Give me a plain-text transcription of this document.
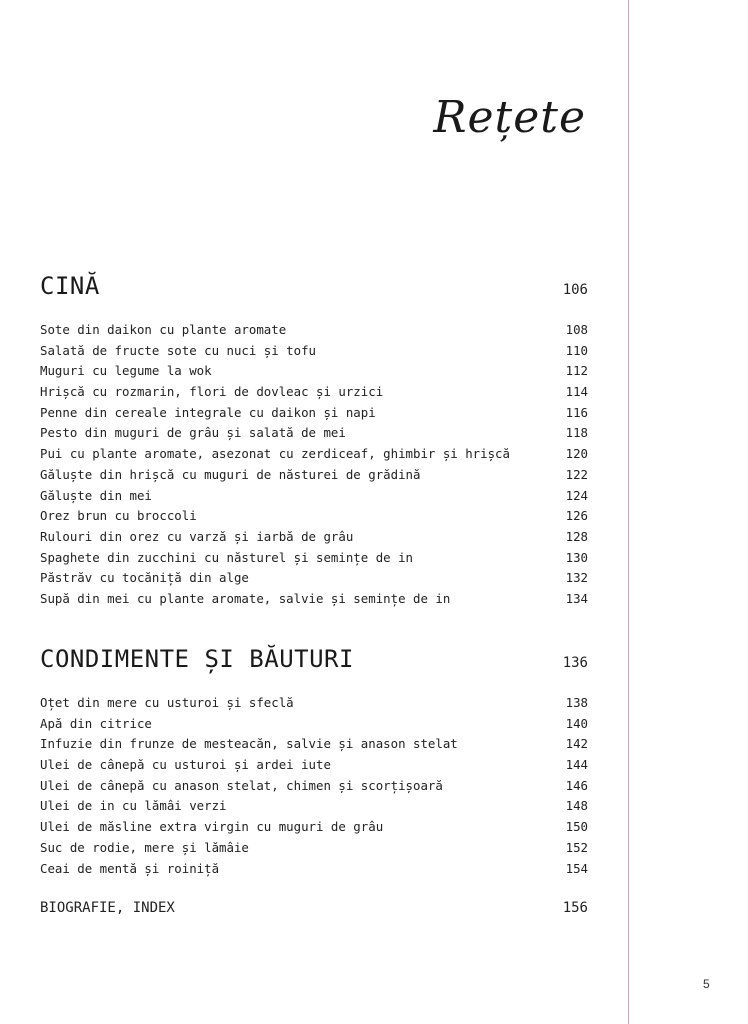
Rețete
CINĂ	106
Sote din daikon cu plante aromate	108
Salată de fructe sote cu nuci și tofu	110
Muguri cu legume la wok	112
Hrișcă cu rozmarin, flori de dovleac și urzici	114
Penne din cereale integrale cu daikon și napi	116
Pesto din muguri de grâu și salată de mei	118
Pui cu plante aromate, asezonat cu zerdiceaf, ghimbir și hrișcă	120
Găluște din hrișcă cu muguri de năsturei de grădină	122
Găluște din mei	124
Orez brun cu broccoli	126
Rulouri din orez cu varză și iarbă de grâu	128
Spaghete din zucchini cu năsturel și semințe de in	130
Păstrăv cu tocăniță din alge	132
Supă din mei cu plante aromate, salvie și semințe de in	134
CONDIMENTE ȘI BĂUTURI	136
Oțet din mere cu usturoi și sfeclă	138
Apă din citrice	140
Infuzie din frunze de mesteacăn, salvie și anason stelat	142
Ulei de cânepă cu usturoi și ardei iute	144
Ulei de cânepă cu anason stelat, chimen și scorțișoară	146
Ulei de in cu lămâi verzi	148
Ulei de măsline extra virgin cu muguri de grâu	150
Suc de rodie, mere și lămâie	152
Ceai de mentă și roiniță	154
BIOGRAFIE, INDEX	156
5
